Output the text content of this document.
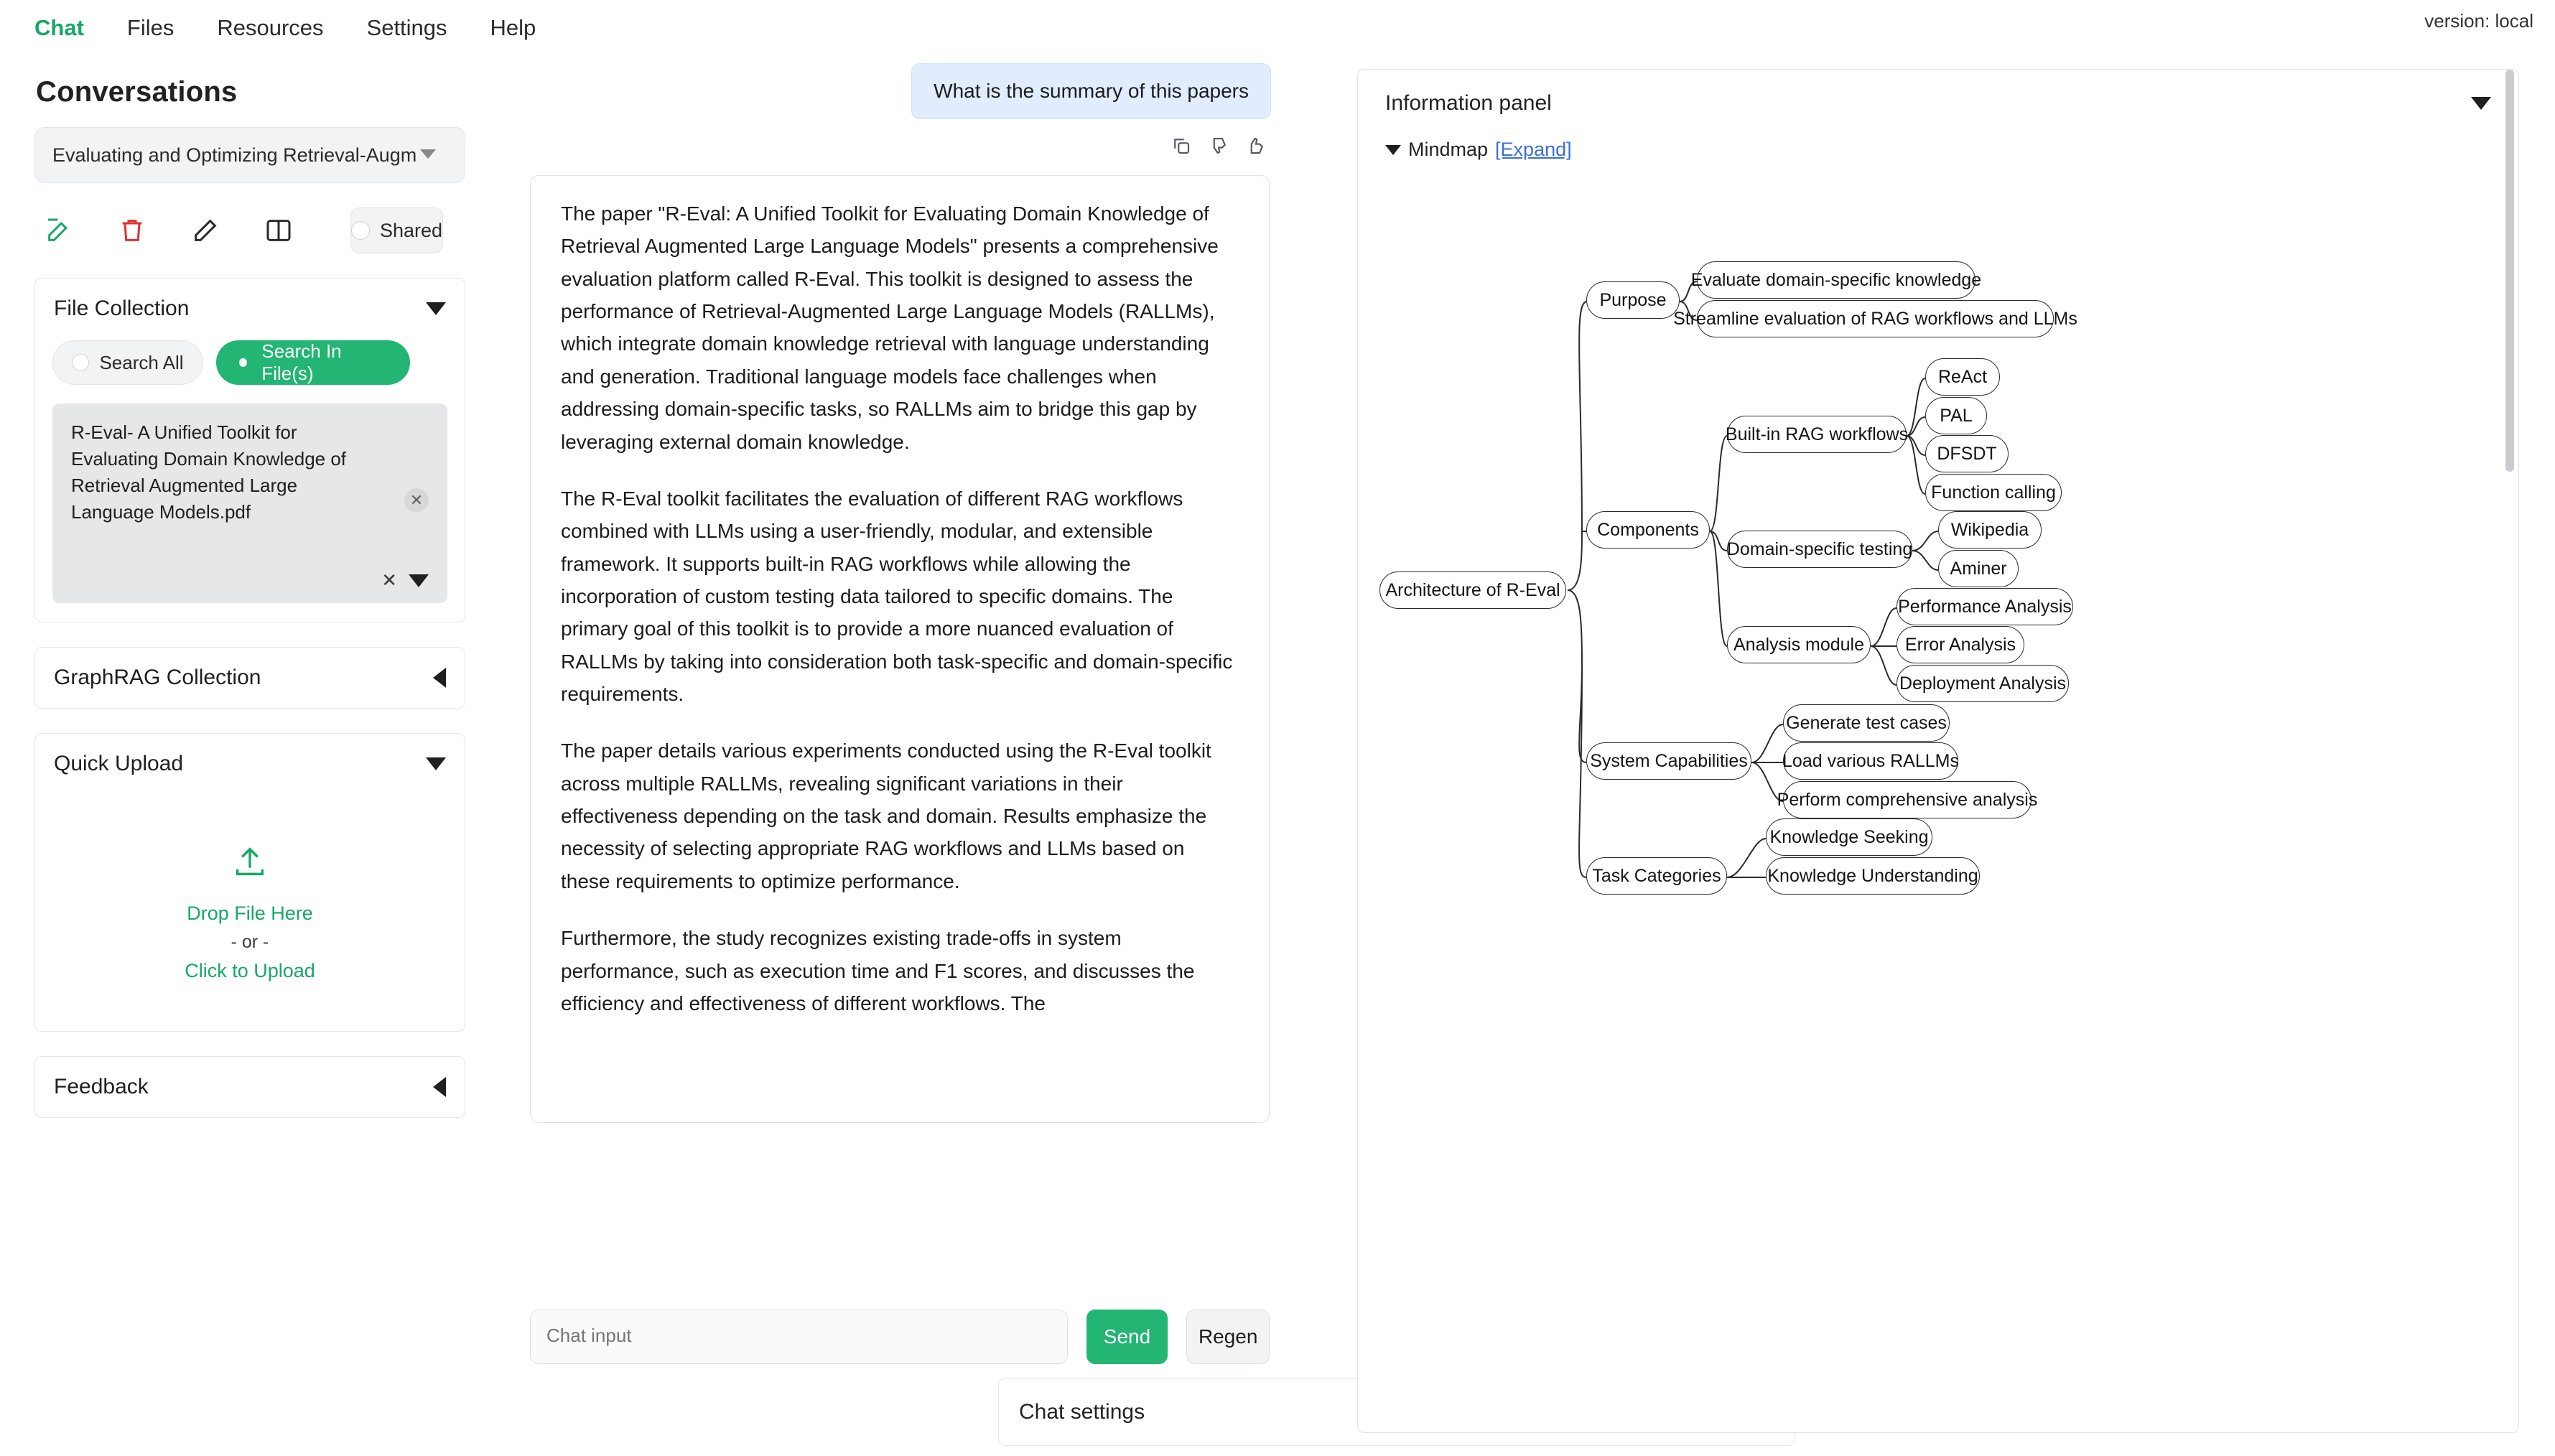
Chat Files Resources Settings Help	version: local
Conversations
Evaluating and Optimizing Retrieval-Augm
Shared
File Collection
Search All
Search In File(s)
R-Eval- A Unified Toolkit for Evaluating Domain Knowledge of Retrieval Augmented Large Language Models.pdf
✕
✕
GraphRAG Collection
Quick Upload
Drop File Here
- or -
Click to Upload
Feedback
What is the summary of this papers

The paper "R-Eval: A Unified Toolkit for Evaluating Domain Knowledge of Retrieval Augmented Large Language Models" presents a comprehensive evaluation platform called R-Eval. This toolkit is designed to assess the performance of Retrieval-Augmented Large Language Models (RALLMs), which integrate domain knowledge retrieval with language understanding and generation. Traditional language models face challenges when addressing domain-specific tasks, so RALLMs aim to bridge this gap by leveraging external domain knowledge.

The R-Eval toolkit facilitates the evaluation of different RAG workflows combined with LLMs using a user-friendly, modular, and extensible framework. It supports built-in RAG workflows while allowing the incorporation of custom testing data tailored to specific domains. The primary goal of this toolkit is to provide a more nuanced evaluation of RALLMs by taking into consideration both task-specific and domain-specific requirements.

The paper details various experiments conducted using the R-Eval toolkit across multiple RALLMs, revealing significant variations in their effectiveness depending on the task and domain. Results emphasize the necessity of selecting appropriate RAG workflows and LLMs based on these requirements to optimize performance.

Furthermore, the study recognizes existing trade-offs in system performance, such as execution time and F1 scores, and discusses the efficiency and effectiveness of different workflows. The

Chat input
Send	Regen
Chat settings
Information panel
Mindmap [Expand]
Architecture of R-Eval
Purpose
Evaluate domain-specific knowledge
Streamline evaluation of RAG workflows and LLMs
Components
Built-in RAG workflows
ReAct
PAL
DFSDT
Function calling
Domain-specific testing
Wikipedia
Aminer
Analysis module
Performance Analysis
Error Analysis
Deployment Analysis
System Capabilities
Generate test cases
Load various RALLMs
Perform comprehensive analysis
Task Categories
Knowledge Seeking
Knowledge Understanding
